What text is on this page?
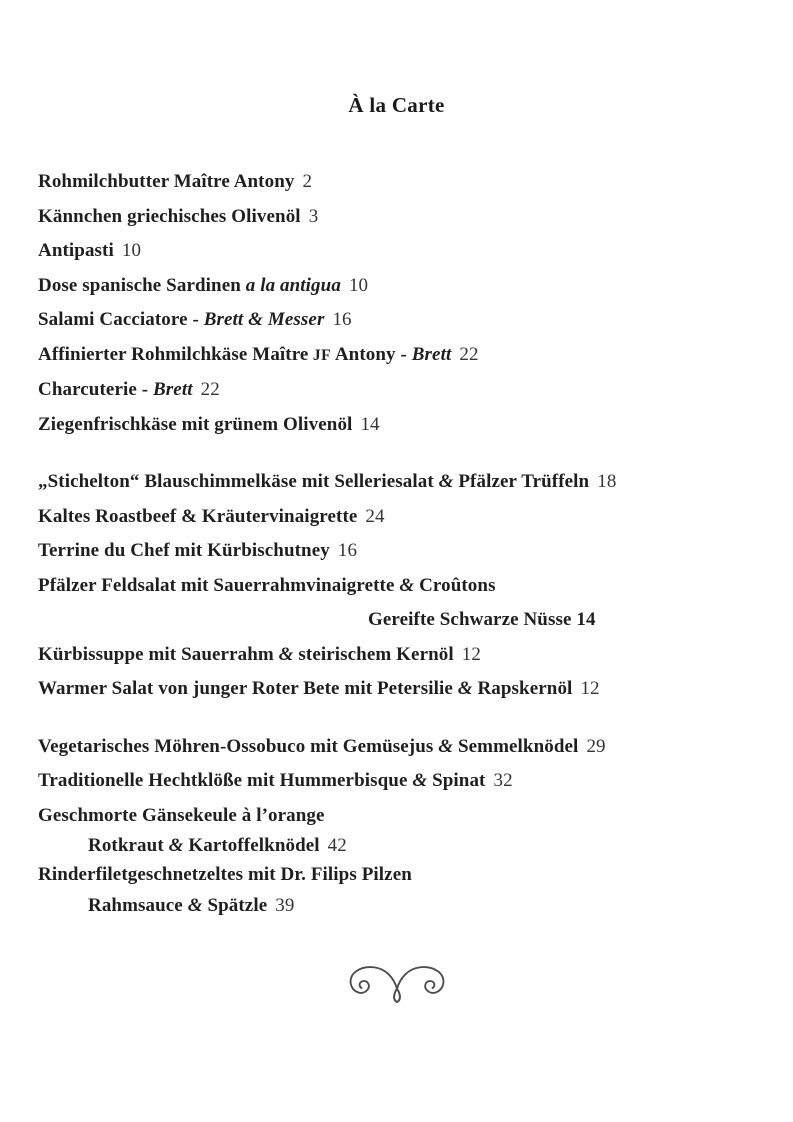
À la Carte
Rohmilchbutter Maître Antony 2
Kännchen griechisches Olivenöl 3
Antipasti 10
Dose spanische Sardinen a la antigua 10
Salami Cacciatore - Brett & Messer 16
Affinierter Rohmilchkäse Maître JF Antony - Brett 22
Charcuterie - Brett 22
Ziegenfrischkäse mit grünem Olivenöl 14
„Stichelton“ Blauschimmelkäse mit Selleriesalat & Pfälzer Trüffeln 18
Kaltes Roastbeef & Kräutervinaigrette 24
Terrine du Chef mit Kürbischutney 16
Pfälzer Feldsalat mit Sauerrahmvinaigrette & Croûtons
Gereifte Schwarze Nüsse 14
Kürbissuppe mit Sauerrahm & steirischem Kernöl 12
Warmer Salat von junger Roter Bete mit Petersilie & Rapskernöl 12
Vegetarisches Möhren-Ossobuco mit Gemüsejus & Semmelknödel 29
Traditionelle Hechtklöße mit Hummerbisque & Spinat 32
Geschmorte Gänsekeule à l’orange
Rotkraut & Kartoffelknödel 42
Rinderfiletgeschnetzeltes mit Dr. Filips Pilzen
Rahmsauce & Spätzle 39
